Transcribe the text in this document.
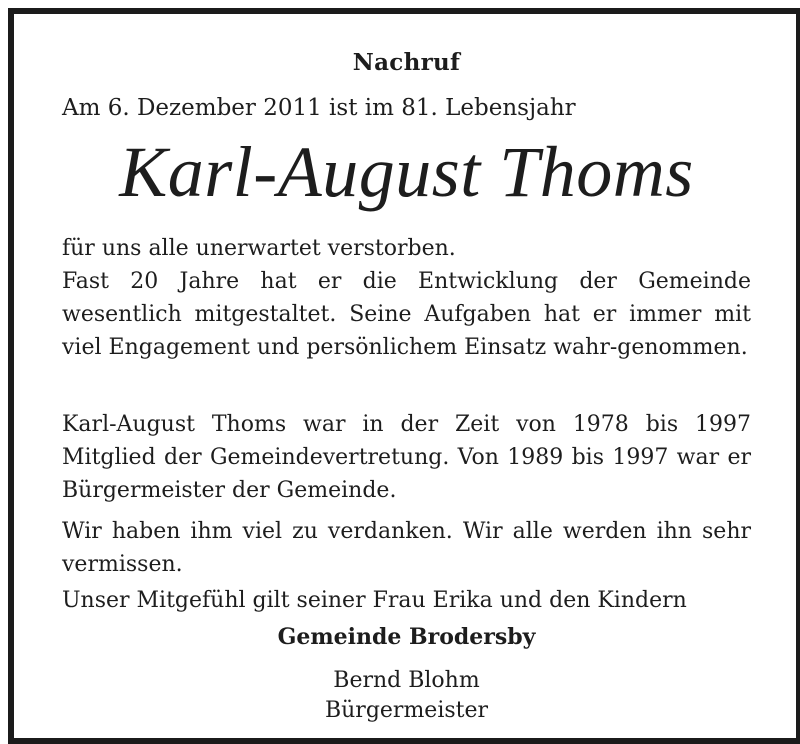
Nachruf
Am 6. Dezember 2011 ist im 81. Lebensjahr
Karl-August Thoms
für uns alle unerwartet verstorben.
Fast 20 Jahre hat er die Entwicklung der Gemeinde wesentlich mitgestaltet. Seine Aufgaben hat er immer mit viel Engagement und persönlichem Einsatz wahr-genommen.
Karl-August Thoms war in der Zeit von 1978 bis 1997 Mitglied der Gemeindevertretung. Von 1989 bis 1997 war er Bürgermeister der Gemeinde.
Wir haben ihm viel zu verdanken. Wir alle werden ihn sehr vermissen.
Unser Mitgefühl gilt seiner Frau Erika und den Kindern
Gemeinde Brodersby
Bernd Blohm
Bürgermeister
